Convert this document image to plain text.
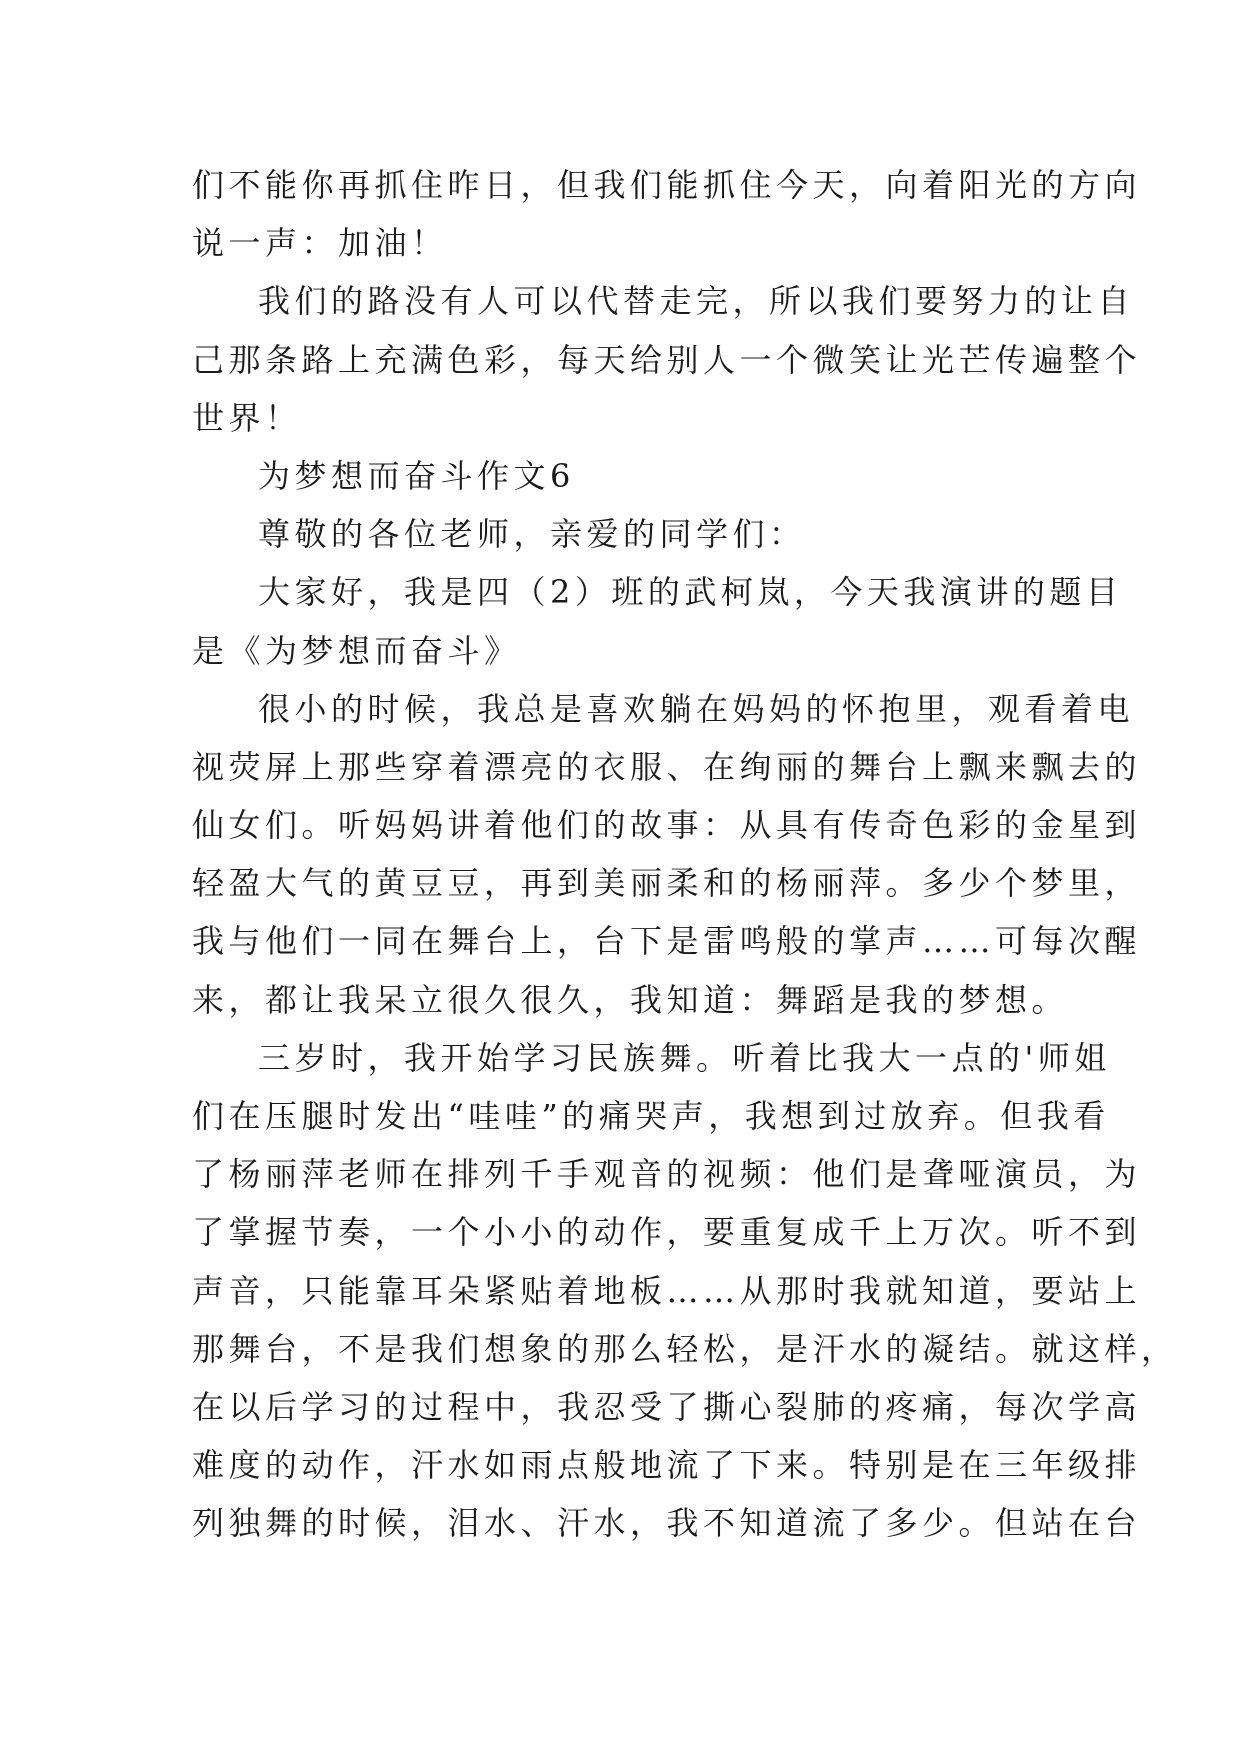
们不能你再抓住昨日，但我们能抓住今天，向着阳光的方向
说一声：加油！
我们的路没有人可以代替走完，所以我们要努力的让自
己那条路上充满色彩，每天给别人一个微笑让光芒传遍整个
世界！
为梦想而奋斗作文6
尊敬的各位老师，亲爱的同学们：
大家好，我是四（2）班的武柯岚，今天我演讲的题目
是《为梦想而奋斗》
很小的时候，我总是喜欢躺在妈妈的怀抱里，观看着电
视荧屏上那些穿着漂亮的衣服、在绚丽的舞台上飘来飘去的
仙女们。听妈妈讲着他们的故事：从具有传奇色彩的金星到
轻盈大气的黄豆豆，再到美丽柔和的杨丽萍。多少个梦里，
我与他们一同在舞台上，台下是雷鸣般的掌声……可每次醒
来，都让我呆立很久很久，我知道：舞蹈是我的梦想。
三岁时，我开始学习民族舞。听着比我大一点的'师姐
们在压腿时发出“哇哇”的痛哭声，我想到过放弃。但我看
了杨丽萍老师在排列千手观音的视频：他们是聋哑演员，为
了掌握节奏，一个小小的动作，要重复成千上万次。听不到
声音，只能靠耳朵紧贴着地板……从那时我就知道，要站上
那舞台，不是我们想象的那么轻松，是汗水的凝结。就这样，
在以后学习的过程中，我忍受了撕心裂肺的疼痛，每次学高
难度的动作，汗水如雨点般地流了下来。特别是在三年级排
列独舞的时候，泪水、汗水，我不知道流了多少。但站在台
